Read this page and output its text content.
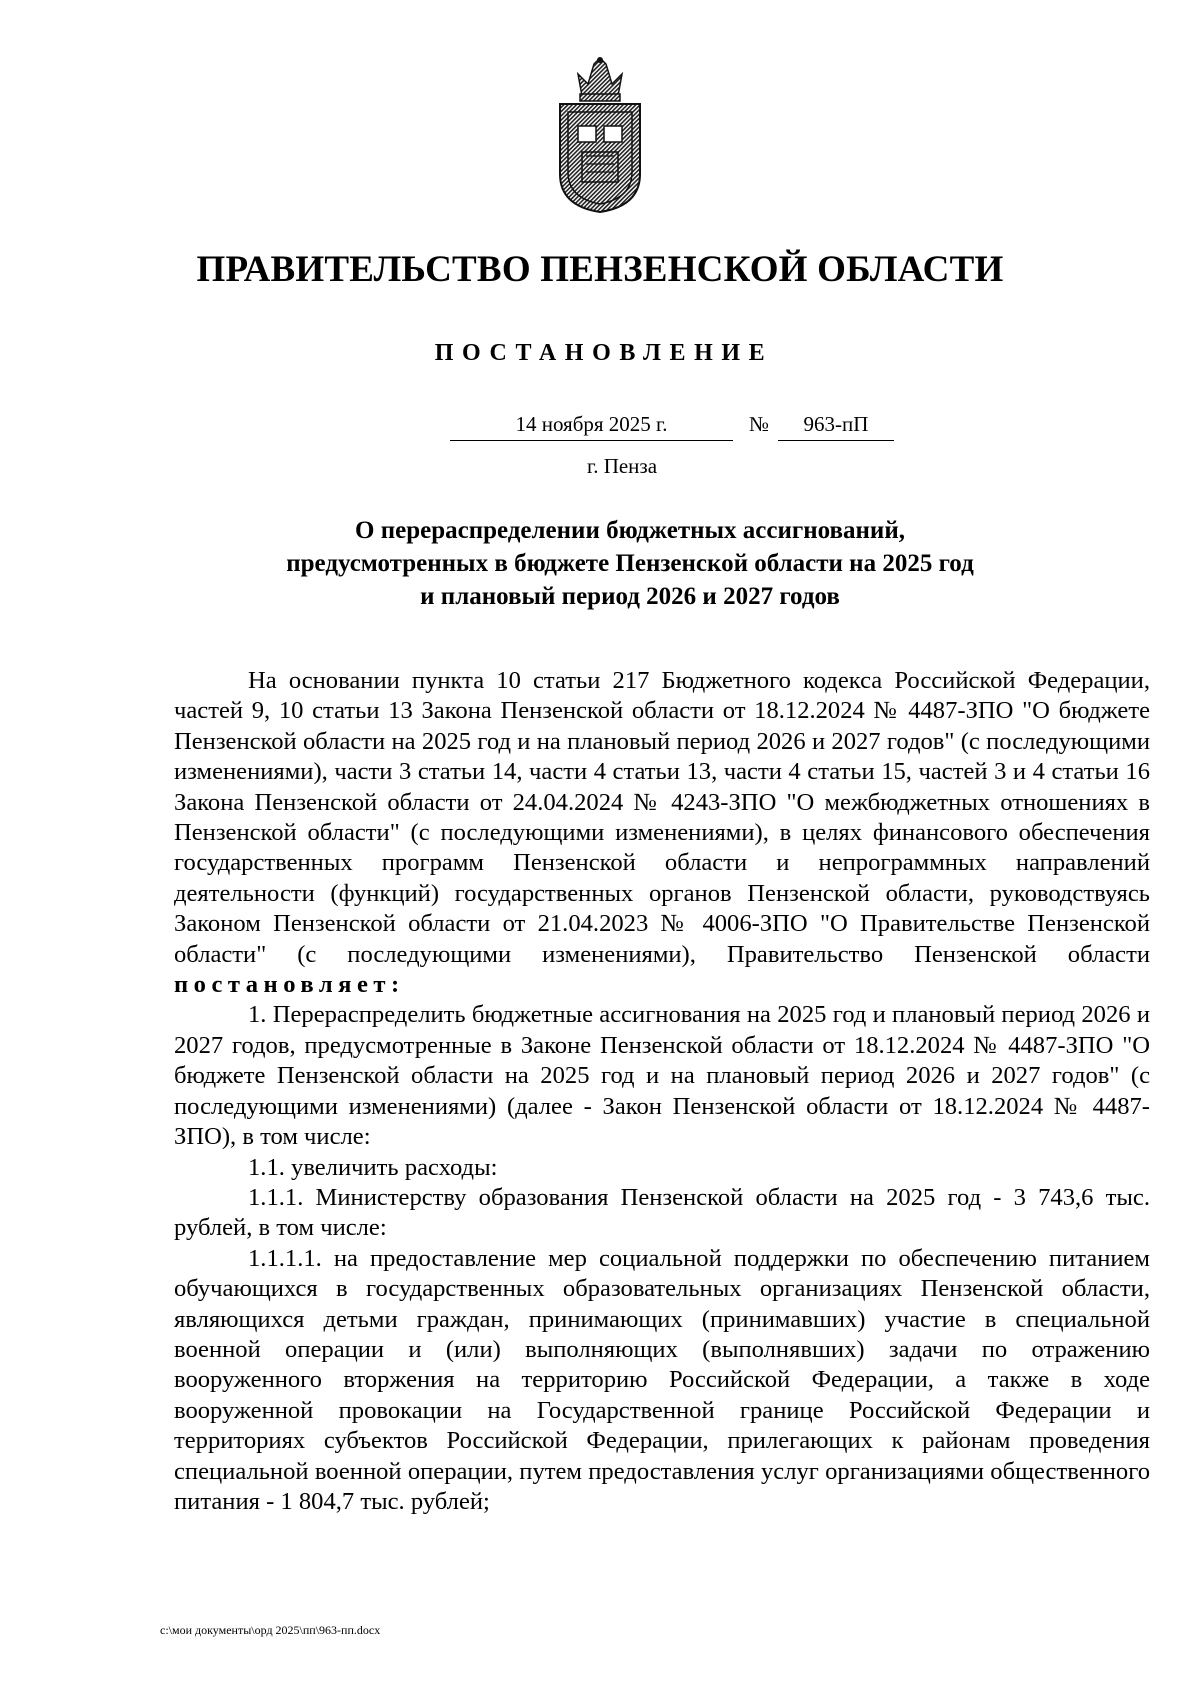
ПРАВИТЕЛЬСТВО ПЕНЗЕНСКОЙ ОБЛАСТИ
ПОСТАНОВЛЕНИЕ
14 ноября 2025 г.	№	963-пП
г. Пенза
О перераспределении бюджетных ассигнований,
предусмотренных в бюджете Пензенской области на 2025 год
и плановый период 2026 и 2027 годов

На основании пункта 10 статьи 217 Бюджетного кодекса Российской Федерации, частей 9, 10 статьи 13 Закона Пензенской области от 18.12.2024 № 4487-ЗПО "О бюджете Пензенской области на 2025 год и на плановый период 2026 и 2027 годов" (с последующими изменениями), части 3 статьи 14, части 4 статьи 13, части 4 статьи 15, частей 3 и 4 статьи 16 Закона Пензенской области от 24.04.2024 № 4243-ЗПО "О межбюджетных отношениях в Пензенской области" (с последующими изменениями), в целях финансового обеспечения государственных программ Пензенской области и непрограммных направлений деятельности (функций) государственных органов Пензенской области, руководствуясь Законом Пензенской области от 21.04.2023 № 4006-ЗПО "О Правительстве Пензенской области" (с последующими изменениями), Правительство Пензенской области постановляет:

1. Перераспределить бюджетные ассигнования на 2025 год и плановый период 2026 и 2027 годов, предусмотренные в Законе Пензенской области от 18.12.2024 № 4487-ЗПО "О бюджете Пензенской области на 2025 год и на плановый период 2026 и 2027 годов" (с последующими изменениями) (далее - Закон Пензенской области от 18.12.2024 № 4487-ЗПО), в том числе:

1.1. увеличить расходы:

1.1.1. Министерству образования Пензенской области на 2025 год - 3 743,6 тыс. рублей, в том числе:

1.1.1.1. на предоставление мер социальной поддержки по обеспечению питанием обучающихся в государственных образовательных организациях Пензенской области, являющихся детьми граждан, принимающих (принимавших) участие в специальной военной операции и (или) выполняющих (выполнявших) задачи по отражению вооруженного вторжения на территорию Российской Федерации, а также в ходе вооруженной провокации на Государственной границе Российской Федерации и территориях субъектов Российской Федерации, прилегающих к районам проведения специальной военной операции, путем предоставления услуг организациями общественного питания - 1 804,7 тыс. рублей;

c:\мои документы\орд 2025\пп\963-пп.docx
